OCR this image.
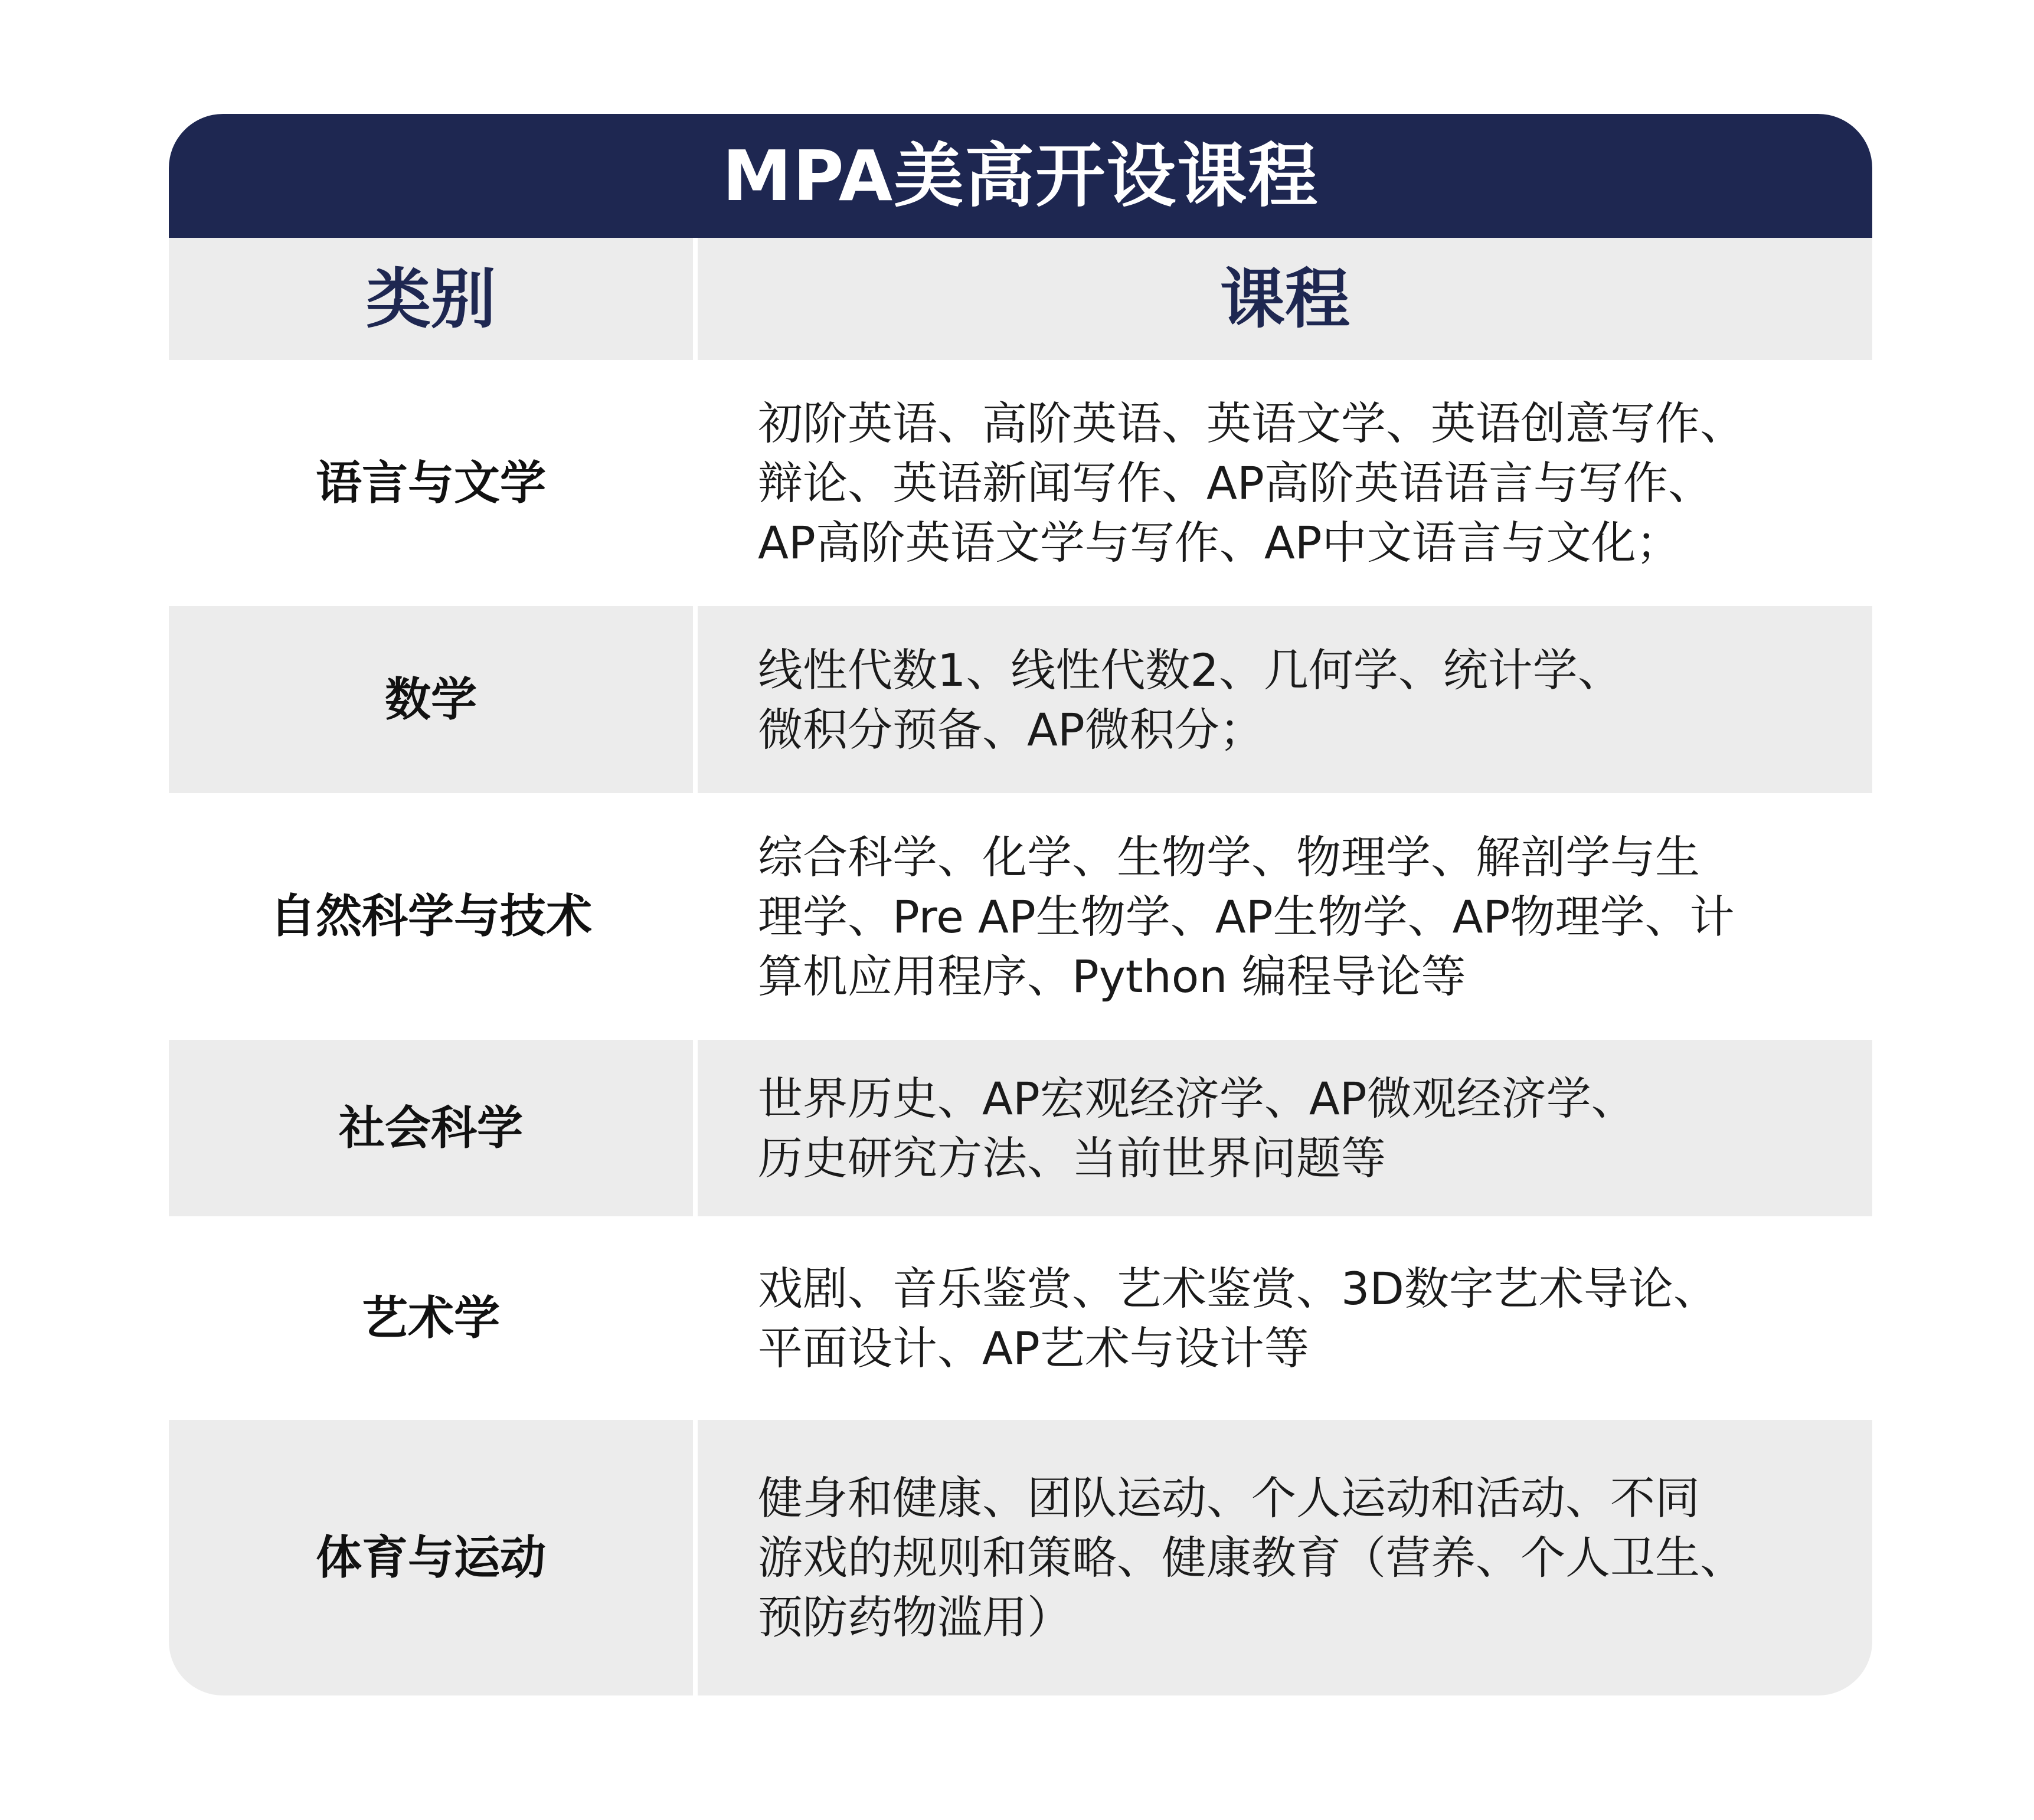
MPA美高开设课程
类别	课程
语言与文学
初阶英语、高阶英语、英语文学、英语创意写作、
辩论、英语新闻写作、AP高阶英语语言与写作、
AP高阶英语文学与写作、AP中文语言与文化；
数学
线性代数1、线性代数2、几何学、统计学、
微积分预备、AP微积分；
自然科学与技术
综合科学、化学、生物学、物理学、解剖学与生
理学、Pre AP生物学、AP生物学、AP物理学、计
算机应用程序、Python 编程导论等
社会科学
世界历史、AP宏观经济学、AP微观经济学、
历史研究方法、当前世界问题等
艺术学
戏剧、音乐鉴赏、艺术鉴赏、3D数字艺术导论、
平面设计、AP艺术与设计等
体育与运动
健身和健康、团队运动、个人运动和活动、不同
游戏的规则和策略、健康教育（营养、个人卫生、
预防药物滥用）
